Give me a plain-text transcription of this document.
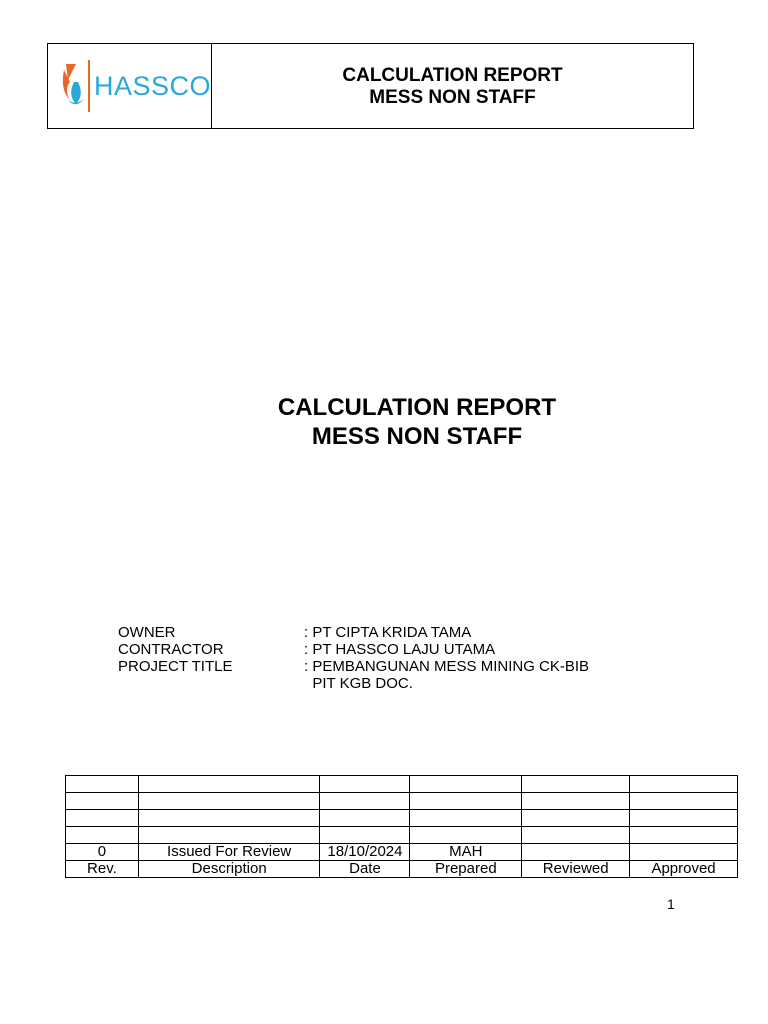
HASSCO	CALCULATION REPORT
MESS NON STAFF
CALCULATION REPORT
MESS NON STAFF
OWNER	: PT CIPTA KRIDA TAMA
CONTRACTOR	: PT HASSCO LAJU UTAMA
PROJECT TITLE	: PEMBANGUNAN MESS MINING CK-BIB
PIT KGB DOC.

0	Issued For Review	18/10/2024	MAH		
Rev.	Description	Date	Prepared	Reviewed	Approved
1
